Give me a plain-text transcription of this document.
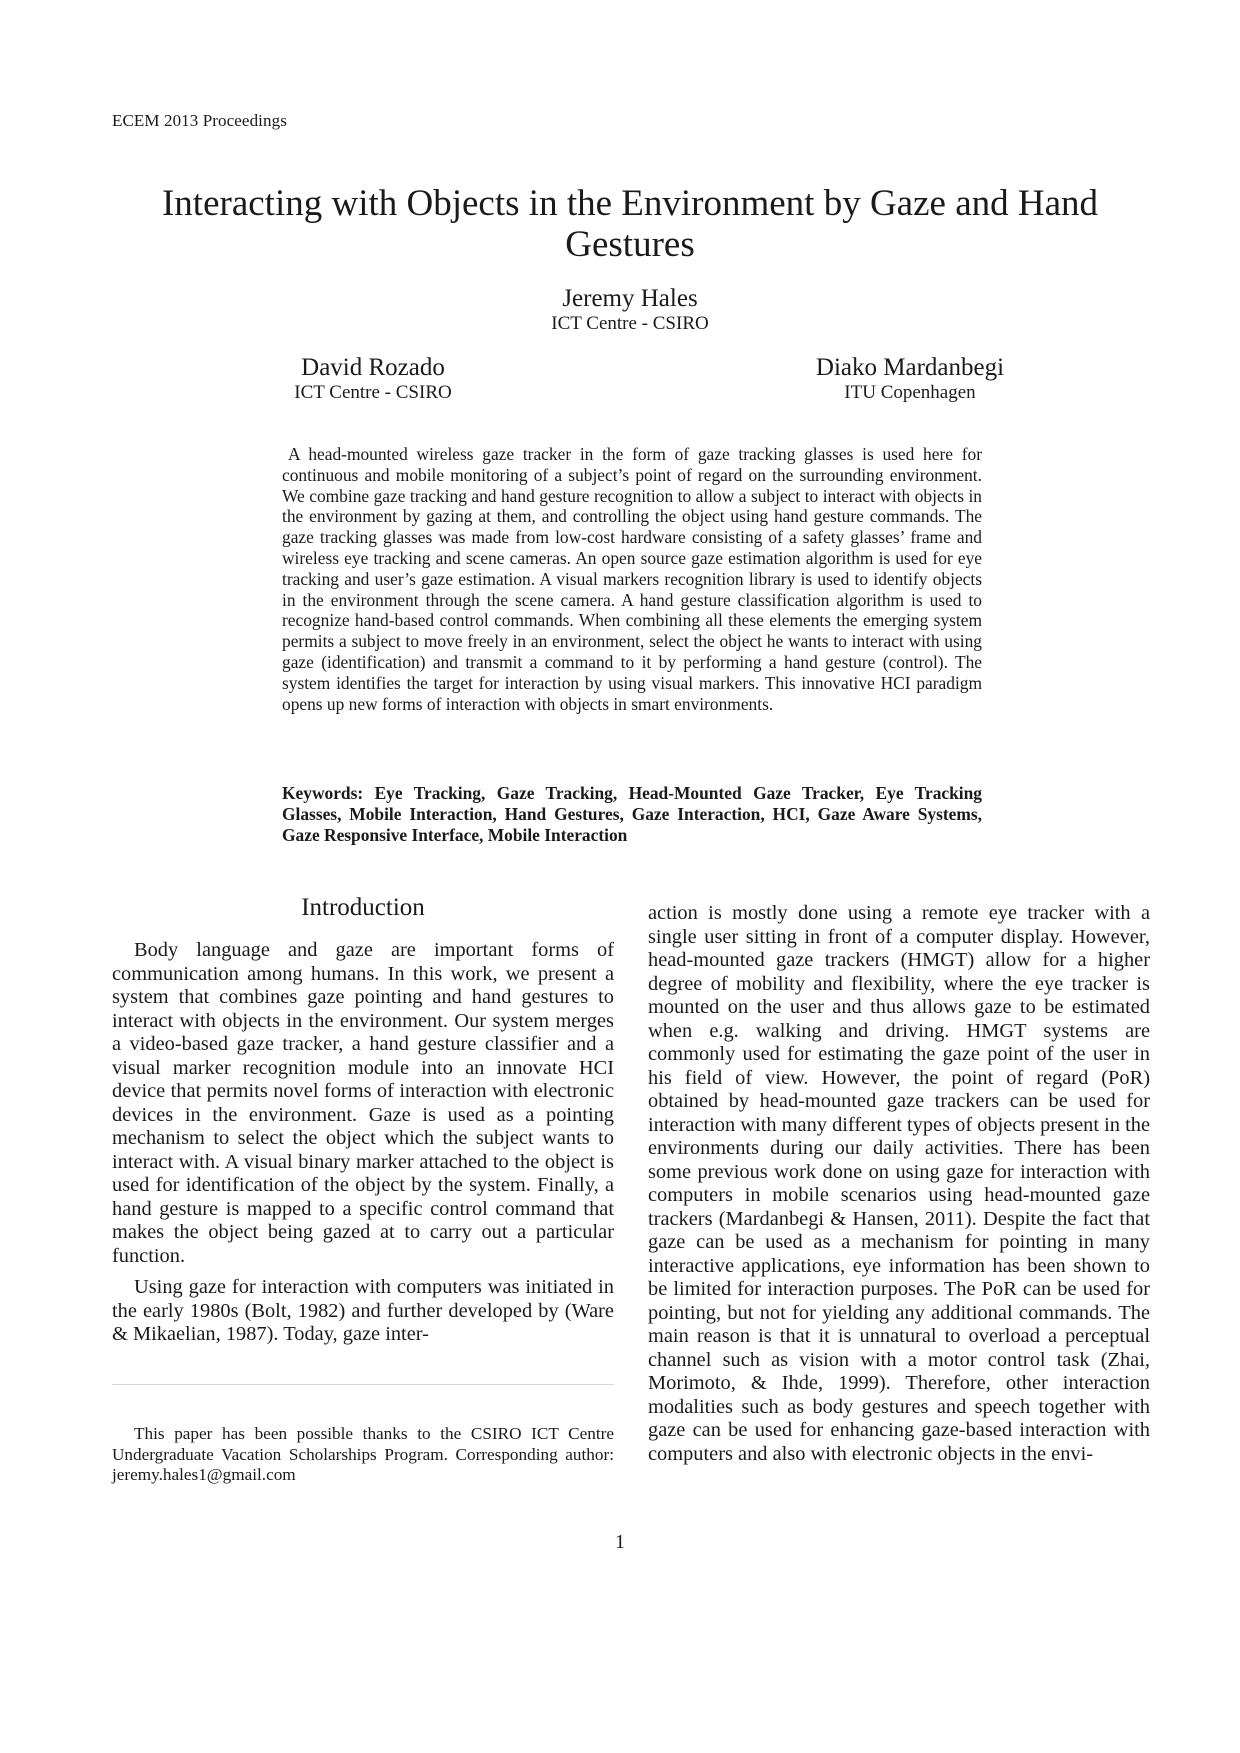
ECEM 2013 Proceedings
Interacting with Objects in the Environment by Gaze and Hand Gestures
Jeremy Hales
ICT Centre - CSIRO
David Rozado
ICT Centre - CSIRO
Diako Mardanbegi
ITU Copenhagen

A head-mounted wireless gaze tracker in the form of gaze tracking glasses is used here for continuous and mobile monitoring of a subject’s point of regard on the surrounding environment. We combine gaze tracking and hand gesture recognition to allow a subject to interact with objects in the environment by gazing at them, and controlling the object using hand gesture commands. The gaze tracking glasses was made from low-cost hardware consisting of a safety glasses’ frame and wireless eye tracking and scene cameras. An open source gaze estimation algorithm is used for eye tracking and user’s gaze estimation. A visual markers recognition library is used to identify objects in the environment through the scene camera. A hand gesture classification algorithm is used to recognize hand-based control commands. When combining all these elements the emerging system permits a subject to move freely in an environment, select the object he wants to interact with using gaze (identification) and transmit a command to it by performing a hand gesture (control). The system identifies the target for interaction by using visual markers. This innovative HCI paradigm opens up new forms of interaction with objects in smart environments.

Keywords: Eye Tracking, Gaze Tracking, Head-Mounted Gaze Tracker, Eye Tracking Glasses, Mobile Interaction, Hand Gestures, Gaze Interaction, HCI, Gaze Aware Systems, Gaze Responsive Interface, Mobile Interaction

Introduction

Body language and gaze are important forms of communication among humans. In this work, we present a system that combines gaze pointing and hand gestures to interact with objects in the environment. Our system merges a video-based gaze tracker, a hand gesture classifier and a visual marker recognition module into an innovate HCI device that permits novel forms of interaction with electronic devices in the environment. Gaze is used as a pointing mechanism to select the object which the subject wants to interact with. A visual binary marker attached to the object is used for identification of the object by the system. Finally, a hand gesture is mapped to a specific control command that makes the object being gazed at to carry out a particular function.

Using gaze for interaction with computers was initiated in the early 1980s (Bolt, 1982) and further developed by (Ware & Mikaelian, 1987). Today, gaze inter-

action is mostly done using a remote eye tracker with a single user sitting in front of a computer display. However, head-mounted gaze trackers (HMGT) allow for a higher degree of mobility and flexibility, where the eye tracker is mounted on the user and thus allows gaze to be estimated when e.g. walking and driving. HMGT systems are commonly used for estimating the gaze point of the user in his field of view. However, the point of regard (PoR) obtained by head-mounted gaze trackers can be used for interaction with many different types of objects present in the environments during our daily activities. There has been some previous work done on using gaze for interaction with computers in mobile scenarios using head-mounted gaze trackers (Mardanbegi & Hansen, 2011). Despite the fact that gaze can be used as a mechanism for pointing in many interactive applications, eye information has been shown to be limited for interaction purposes. The PoR can be used for pointing, but not for yielding any additional commands. The main reason is that it is unnatural to overload a perceptual channel such as vision with a motor control task (Zhai, Morimoto, & Ihde, 1999). Therefore, other interaction modalities such as body gestures and speech together with gaze can be used for enhancing gaze-based interaction with computers and also with electronic objects in the envi-

This paper has been possible thanks to the CSIRO ICT Centre Undergraduate Vacation Scholarships Program. Corresponding author: jeremy.hales1@gmail.com

1
